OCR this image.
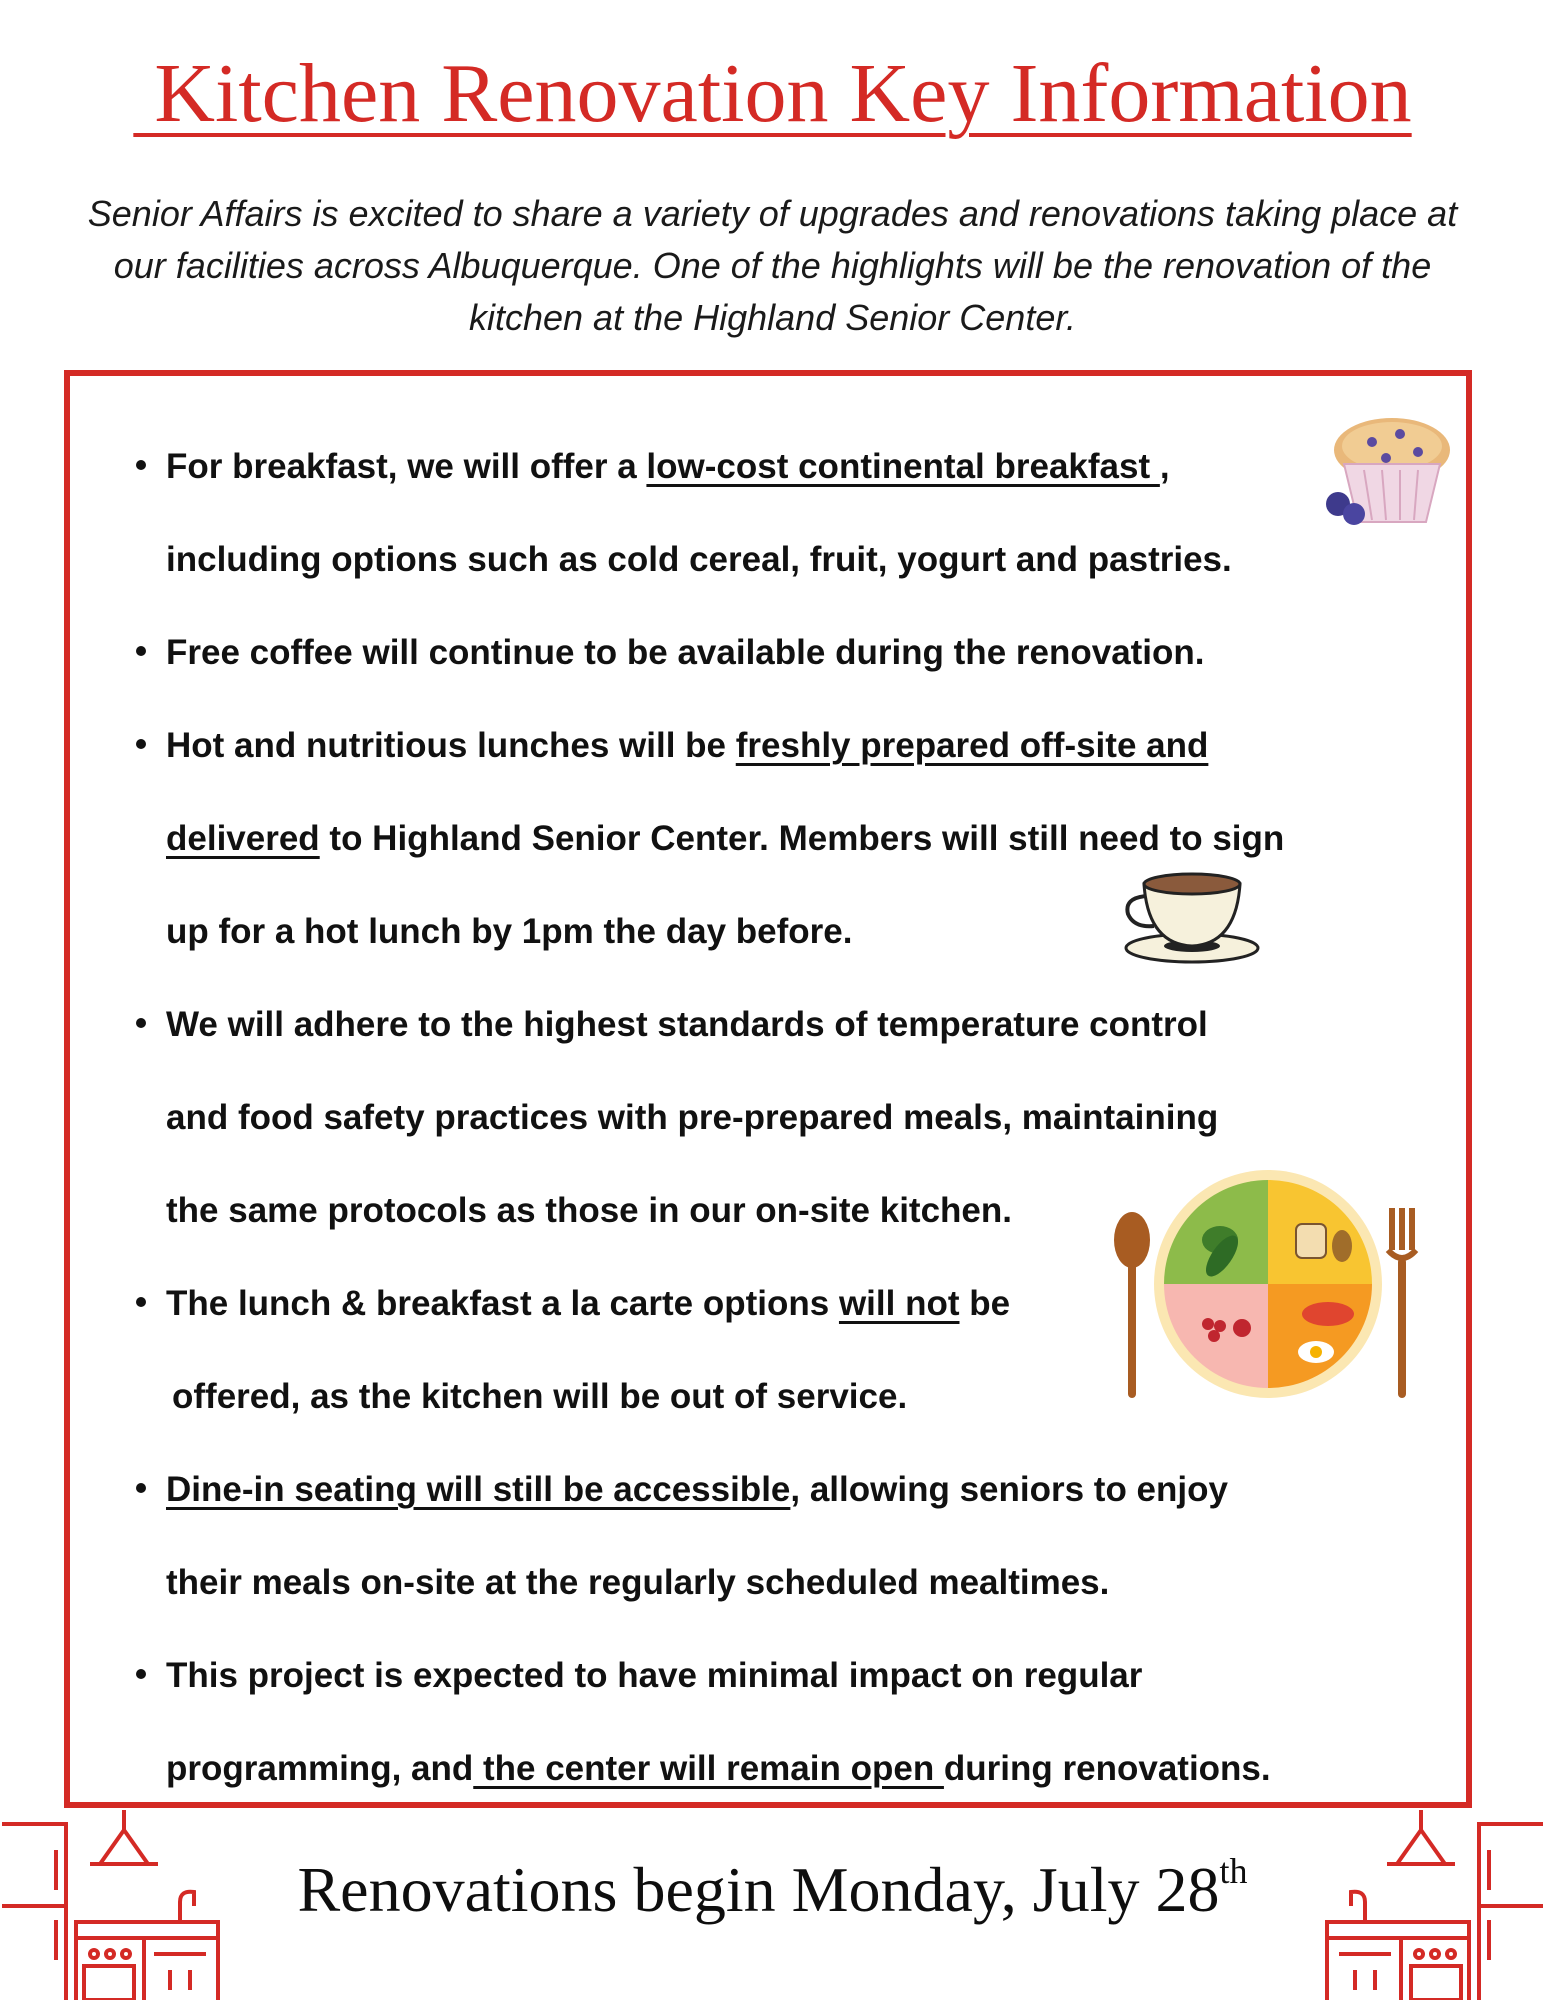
Kitchen Renovation Key Information

Senior Affairs is excited to share a variety of upgrades and renovations taking place at our facilities across Albuquerque. One of the highlights will be the renovation of the kitchen at the Highland Senior Center.

For breakfast, we will offer a low-cost continental breakfast ,
including options such as cold cereal, fruit, yogurt and pastries.
Free coffee will continue to be available during the renovation.
Hot and nutritious lunches will be freshly prepared off-site and
delivered to Highland Senior Center. Members will still need to sign
up for a hot lunch by 1pm the day before.
We will adhere to the highest standards of temperature control
and food safety practices with pre-prepared meals, maintaining
the same protocols as those in our on-site kitchen.
The lunch & breakfast a la carte options will not be
offered, as the kitchen will be out of service.
Dine-in seating will still be accessible, allowing seniors to enjoy
their meals on-site at the regularly scheduled mealtimes.
This project is expected to have minimal impact on regular
programming, and the center will remain open during renovations.
Renovations begin Monday, July 28th
